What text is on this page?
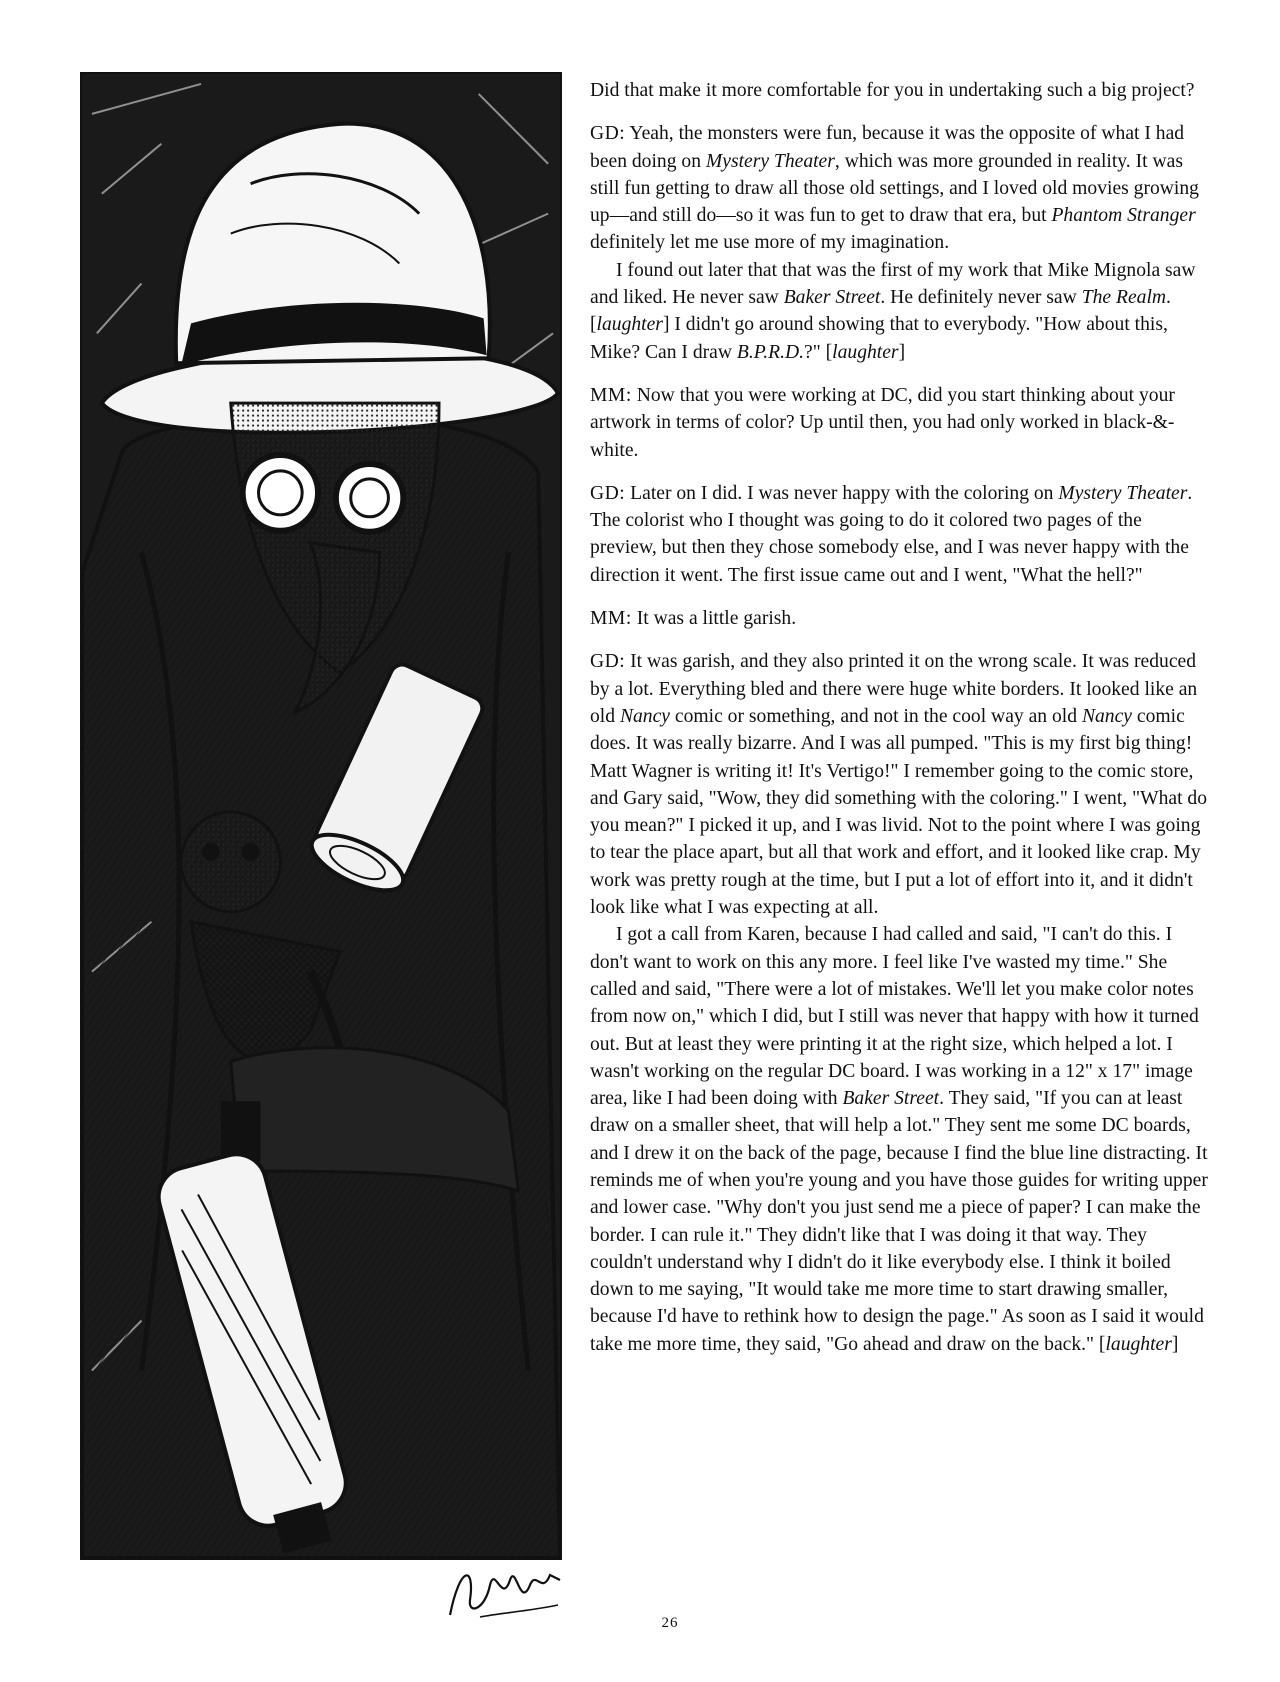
Did that make it more comfortable for you in undertaking such a big project?

GD: Yeah, the monsters were fun, because it was the opposite of what I had been doing on Mystery Theater, which was more grounded in reality. It was still fun getting to draw all those old settings, and I loved old movies growing up—and still do—so it was fun to get to draw that era, but Phantom Stranger definitely let me use more of my imagination.

I found out later that that was the first of my work that Mike Mignola saw and liked. He never saw Baker Street. He definitely never saw The Realm. [laughter] I didn't go around showing that to everybody. "How about this, Mike? Can I draw B.P.R.D.?" [laughter]

MM: Now that you were working at DC, did you start thinking about your artwork in terms of color? Up until then, you had only worked in black-&-white.

GD: Later on I did. I was never happy with the coloring on Mystery Theater. The colorist who I thought was going to do it colored two pages of the preview, but then they chose somebody else, and I was never happy with the direction it went. The first issue came out and I went, "What the hell?"

MM: It was a little garish.

GD: It was garish, and they also printed it on the wrong scale. It was reduced by a lot. Everything bled and there were huge white borders. It looked like an old Nancy comic or something, and not in the cool way an old Nancy comic does. It was really bizarre. And I was all pumped. "This is my first big thing! Matt Wagner is writing it! It's Vertigo!" I remember going to the comic store, and Gary said, "Wow, they did something with the coloring." I went, "What do you mean?" I picked it up, and I was livid. Not to the point where I was going to tear the place apart, but all that work and effort, and it looked like crap. My work was pretty rough at the time, but I put a lot of effort into it, and it didn't look like what I was expecting at all.

I got a call from Karen, because I had called and said, "I can't do this. I don't want to work on this any more. I feel like I've wasted my time." She called and said, "There were a lot of mistakes. We'll let you make color notes from now on," which I did, but I still was never that happy with how it turned out. But at least they were printing it at the right size, which helped a lot. I wasn't working on the regular DC board. I was working in a 12" x 17" image area, like I had been doing with Baker Street. They said, "If you can at least draw on a smaller sheet, that will help a lot." They sent me some DC boards, and I drew it on the back of the page, because I find the blue line distracting. It reminds me of when you're young and you have those guides for writing upper and lower case. "Why don't you just send me a piece of paper? I can make the border. I can rule it." They didn't like that I was doing it that way. They couldn't understand why I didn't do it like everybody else. I think it boiled down to me saying, "It would take me more time to start drawing smaller, because I'd have to rethink how to design the page." As soon as I said it would take me more time, they said, "Go ahead and draw on the back." [laughter]

26
